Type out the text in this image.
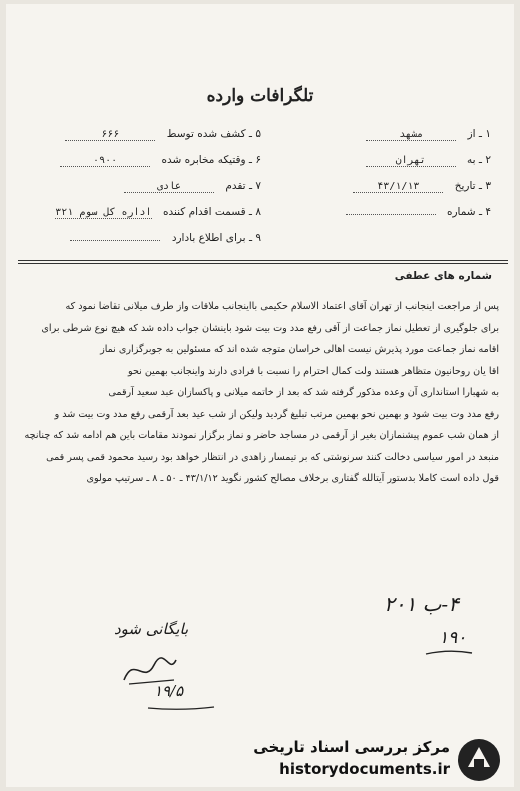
تلگرافات وارده
۱ ـ از مشهد
۵ ـ کشف شده توسط ۶۶۶
۲ ـ به تهران
۶ ـ وقتیکه مخابره شده ۰۹۰۰
۳ ـ تاریخ ۴۳/۱/۱۳
۷ ـ تقدم عادی
۴ ـ شماره
۸ ـ قسمت اقدام کننده اداره کل سوم ۳۲۱
۹ ـ برای اطلاع بادارد
شماره های عطفی
پس از مراجعت اینجانب از تهران آقای اعتماد الاسلام حکیمی بااینجانب ملاقات واز طرف میلانی تقاضا نمود که
برای جلوگیری از تعطیل نماز جماعت از آقی رفع مدد وت بیت شود باینشان جواب داده شد که هیچ نوع شرطی برای
اقامه نماز جماعت مورد پذیرش نیست اهالی خراسان متوجه شده اند که مسئولین به جوبرگزاری نماز
اقا یان روحانیون متظاهر هستند ولت کمال احترام را نسبت با فرادی دارند واینجانب بهمین نحو
به شهبارا استانداری آن وعده مذکور گرفته شد که بعد از خاتمه میلانی و پاکسازان عبد سعید آرقمی
رفع مدد وت بیت شود و بهمین نحو بهمین مرتب تبلیغ گردید ولیکن از شب عید بعد آرقمی رفع مدد وت بیت شد و
از همان شب عموم پیشنمازان بغیر از آرقمی در مساجد حاضر و نماز برگزار نمودند مقامات باین هم ادامه شد که چنانچه
منبعد در امور سیاسی دخالت کنند سرنوشتی که بر تیمسار زاهدی در انتظار خواهد بود رسید محمود قمی پسر قمی
قول داده است کاملا بدستور آیتالله گفتاری برخلاف مصالح کشور نگوید ۴۳/۱/۱۲ ـ ۵۰ ـ ۸ ـ سرتیپ مولوی
۴-ب ۲۰۱
۱۹۰
بایگانی شود
۱۹/۵
مرکز بررسی اسناد تاریخی
historydocuments.ir
